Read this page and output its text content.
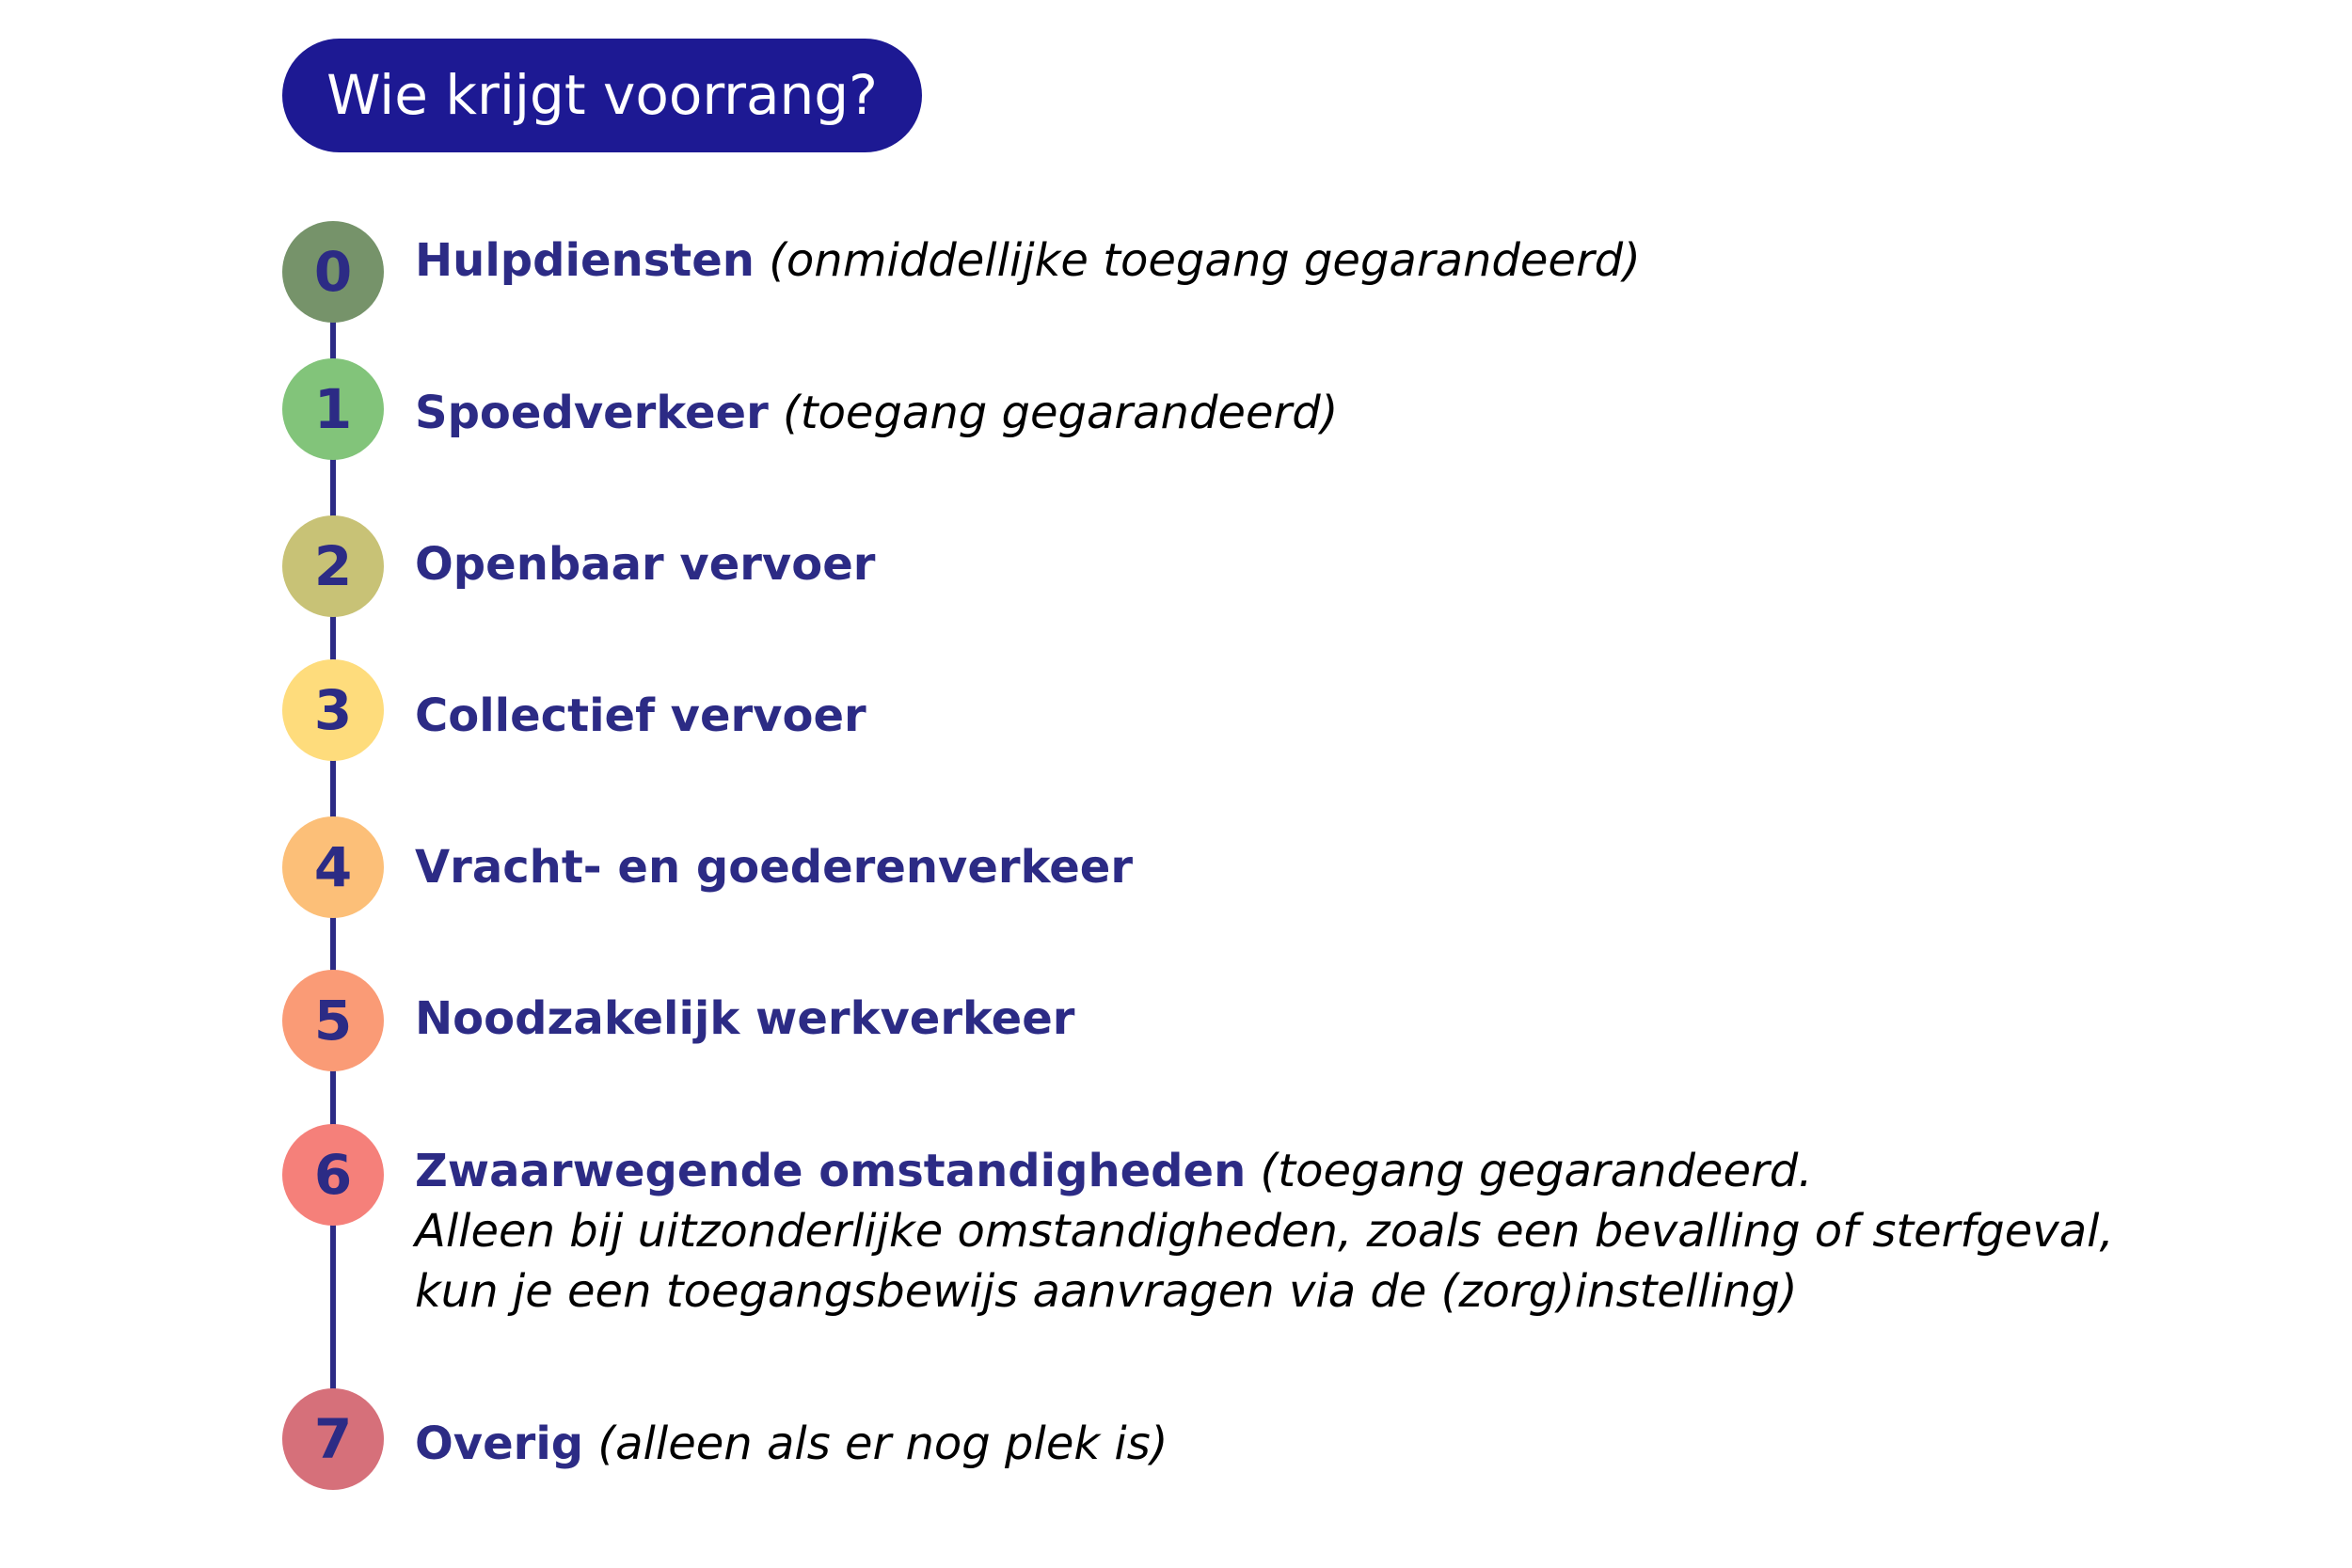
Wie krijgt voorrang?
0	Hulpdiensten (onmiddellijke toegang gegarandeerd)
1	Spoedverkeer (toegang gegarandeerd)
2	Openbaar vervoer
3	Collectief vervoer
4	Vracht- en goederenverkeer
5	Noodzakelijk werkverkeer
6	Zwaarwegende omstandigheden (toegang gegarandeerd.
Alleen bij uitzonderlijke omstandigheden, zoals een bevalling of sterfgeval,
kun je een toegangsbewijs aanvragen via de (zorg)instelling)
7	Overig (alleen als er nog plek is)
